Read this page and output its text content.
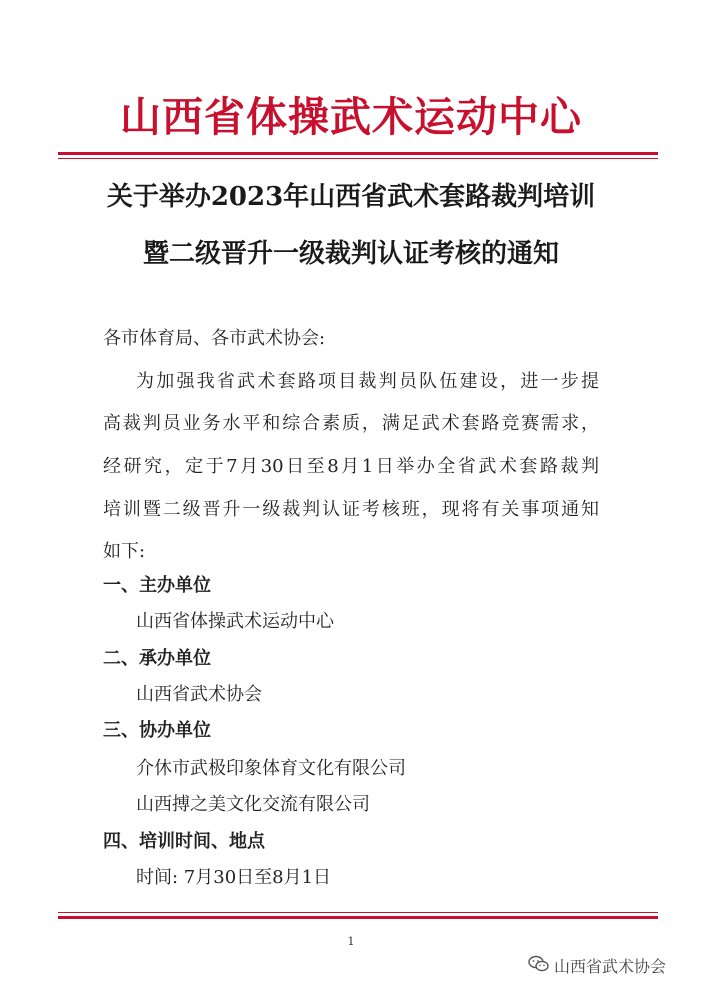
山西省体操武术运动中心
关于举办2023年山西省武术套路裁判培训
暨二级晋升一级裁判认证考核的通知
各市体育局、各市武术协会:
为加强我省武术套路项目裁判员队伍建设，进一步提
高裁判员业务水平和综合素质，满足武术套路竞赛需求，
经研究，定于7月30日至8月1日举办全省武术套路裁判
培训暨二级晋升一级裁判认证考核班，现将有关事项通知
如下:
一、主办单位
山西省体操武术运动中心
二、承办单位
山西省武术协会
三、协办单位
介休市武极印象体育文化有限公司
山西搏之美文化交流有限公司
四、培训时间、地点
时间: 7月30日至8月1日
1
山西省武术协会
